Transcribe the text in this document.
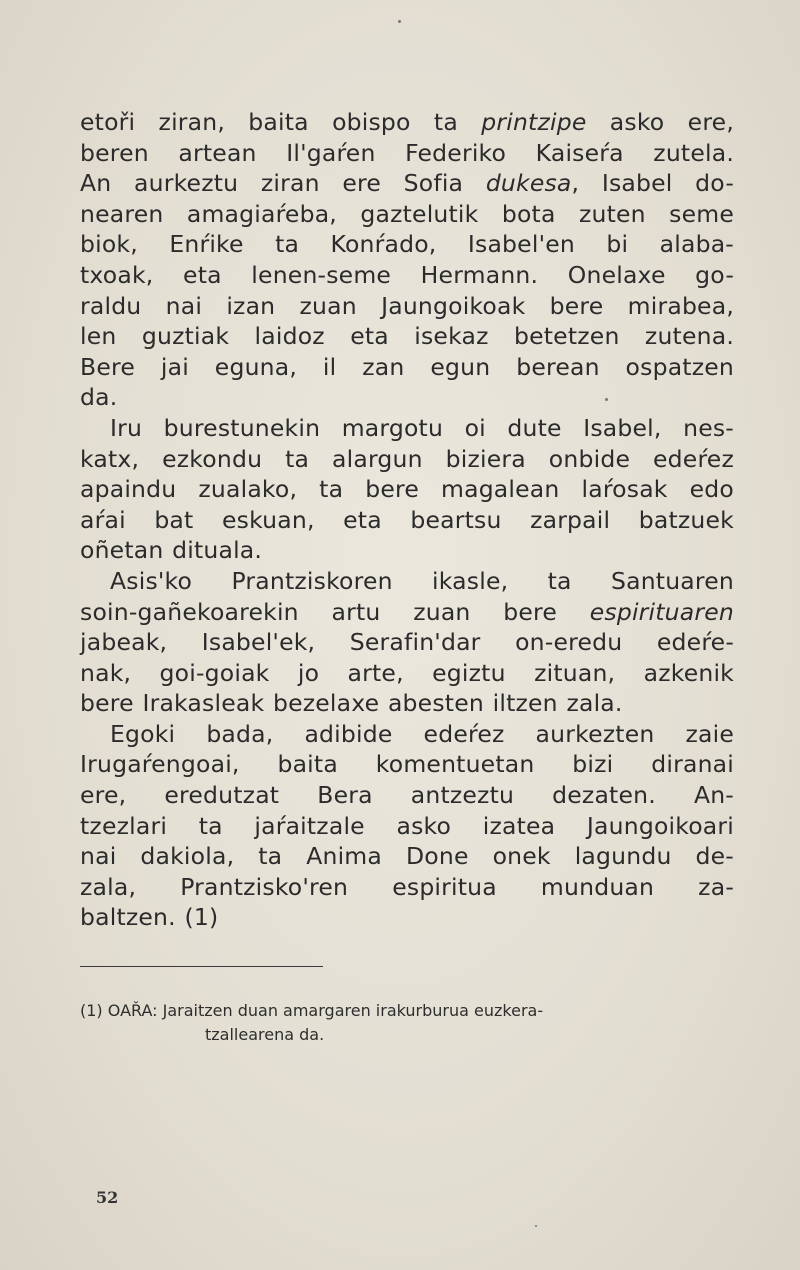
etoři ziran, baita obispo ta printzipe asko ere,
beren artean Il'gaŕen Federiko Kaiseŕa zutela.
An aurkeztu ziran ere Sofia dukesa, Isabel do-
nearen amagiaŕeba, gaztelutik bota zuten seme
biok, Enŕike ta Konŕado, Isabel'en bi alaba-
txoak, eta lenen-seme Hermann. Onelaxe go-
raldu nai izan zuan Jaungoikoak bere mirabea,
len guztiak laidoz eta isekaz betetzen zutena.
Bere jai eguna, il zan egun berean ospatzen
da.
Iru burestunekin margotu oi dute Isabel, nes-
katx, ezkondu ta alargun biziera onbide edeŕez
apaindu zualako, ta bere magalean laŕosak edo
aŕai bat eskuan, eta beartsu zarpail batzuek
oñetan dituala.
Asis'ko Prantziskoren ikasle, ta Santuaren
soin-gañekoarekin artu zuan bere espirituaren
jabeak, Isabel'ek, Serafin'dar on-eredu edeŕe-
nak, goi-goiak jo arte, egiztu zituan, azkenik
bere Irakasleak bezelaxe abesten iltzen zala.
Egoki bada, adibide edeŕez aurkezten zaie
Irugaŕengoai, baita komentuetan bizi diranai
ere, eredutzat Bera antzeztu dezaten. An-
tzezlari ta jaŕaitzale asko izatea Jaungoikoari
nai dakiola, ta Anima Done onek lagundu de-
zala, Prantzisko'ren espiritua munduan za-
baltzen. (1)
(1) OAŘA: Jaraitzen duan amargaren irakurburua euzkera-
tzallearena da.
52
